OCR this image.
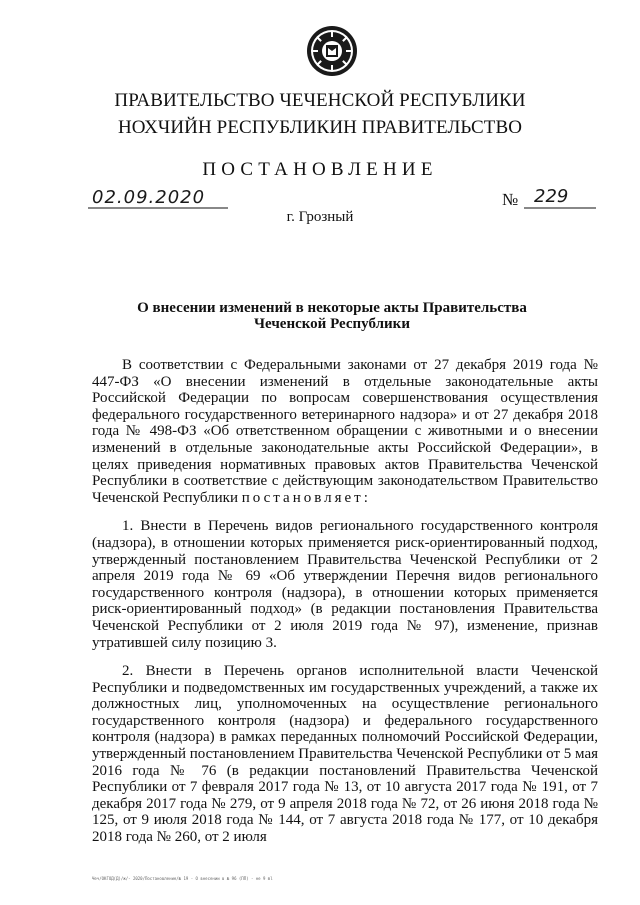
ПРАВИТЕЛЬСТВО ЧЕЧЕНСКОЙ РЕСПУБЛИКИ
НОХЧИЙН РЕСПУБЛИКИН ПРАВИТЕЛЬСТВО
ПОСТАНОВЛЕНИЕ
02.09.2020	№ 229
г. Грозный
О внесении изменений в некоторые акты Правительства Чеченской Республики

В соответствии с Федеральными законами от 27 декабря 2019 года № 447-ФЗ «О внесении изменений в отдельные законодательные акты Российской Федерации по вопросам совершенствования осуществления федерального государственного ветеринарного надзора» и от 27 декабря 2018 года № 498-ФЗ «Об ответственном обращении с животными и о внесении изменений в отдельные законодательные акты Российской Федерации», в целях приведения нормативных правовых актов Правительства Чеченской Республики в соответствие с действующим законодательством Правительство Чеченской Республики постановляет:

1. Внести в Перечень видов регионального государственного контроля (надзора), в отношении которых применяется риск-ориентированный подход, утвержденный постановлением Правительства Чеченской Республики от 2 апреля 2019 года № 69 «Об утверждении Перечня видов регионального государственного контроля (надзора), в отношении которых применяется риск-ориентированный подход» (в редакции постановления Правительства Чеченской Республики от 2 июля 2019 года № 97), изменение, признав утратившей силу позицию 3.

2. Внести в Перечень органов исполнительной власти Чеченской Республики и подведомственных им государственных учреждений, а также их должностных лиц, уполномоченных на осуществление регионального государственного контроля (надзора) и федерального государственного контроля (надзора) в рамках переданных полномочий Российской Федерации, утвержденный постановлением Правительства Чеченской Республики от 5 мая 2016 года № 76 (в редакции постановлений Правительства Чеченской Республики от 7 февраля 2017 года № 13, от 10 августа 2017 года № 191, от 7 декабря 2017 года № 279, от 9 апреля 2018 года № 72, от 26 июня 2018 года № 125, от 9 июля 2018 года № 144, от 7 августа 2018 года № 177, от 10 декабря 2018 года № 260, от 2 июля

Чеч/ОКГОД(Д)/ж/- 2020/Постановление/№ 19 - О внесении в № 96 (ПП) - не 9 ml
